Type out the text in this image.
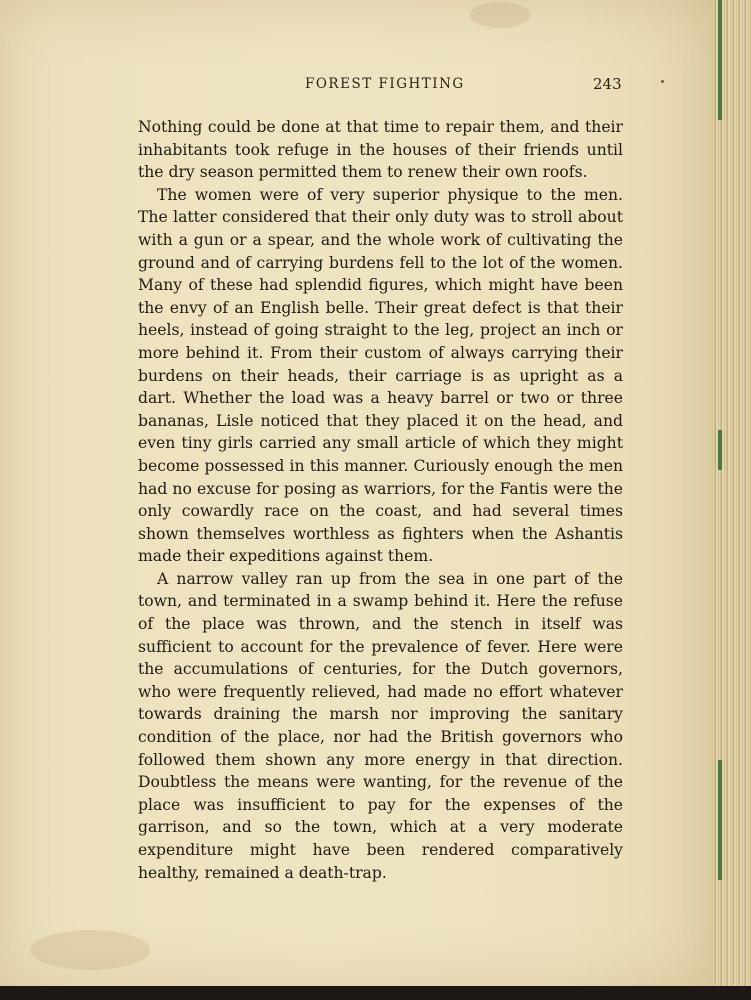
FOREST FIGHTING	243

Nothing could be done at that time to repair them, and their inhabitants took refuge in the houses of their friends until the dry season permitted them to renew their own roofs.

The women were of very superior physique to the men. The latter considered that their only duty was to stroll about with a gun or a spear, and the whole work of cultivating the ground and of carrying burdens fell to the lot of the women. Many of these had splendid figures, which might have been the envy of an English belle. Their great defect is that their heels, instead of going straight to the leg, project an inch or more behind it. From their custom of always carrying their burdens on their heads, their carriage is as upright as a dart. Whether the load was a heavy barrel or two or three bananas, Lisle noticed that they placed it on the head, and even tiny girls carried any small article of which they might become possessed in this manner. Curiously enough the men had no excuse for posing as warriors, for the Fantis were the only cowardly race on the coast, and had several times shown themselves worthless as fighters when the Ashantis made their expeditions against them.

A narrow valley ran up from the sea in one part of the town, and terminated in a swamp behind it. Here the refuse of the place was thrown, and the stench in itself was sufficient to account for the prevalence of fever. Here were the accumulations of centuries, for the Dutch governors, who were frequently relieved, had made no effort whatever towards draining the marsh nor improving the sanitary condition of the place, nor had the British governors who followed them shown any more energy in that direction. Doubtless the means were wanting, for the revenue of the place was insufficient to pay for the expenses of the garrison, and so the town, which at a very moderate expenditure might have been rendered comparatively healthy, remained a death-trap.
